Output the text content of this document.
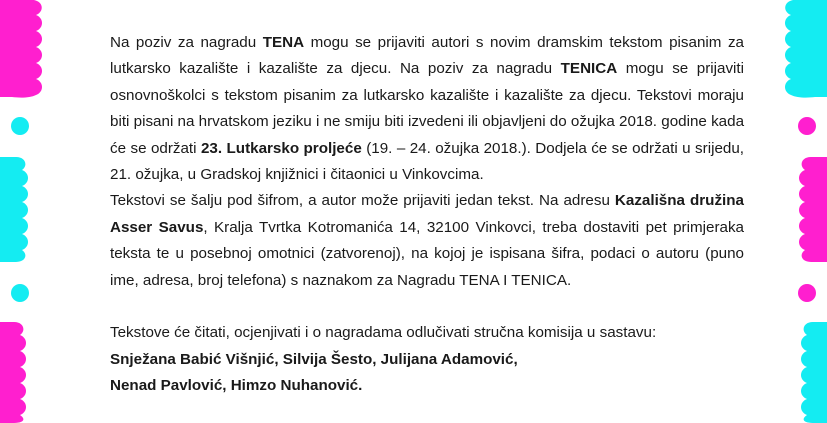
Na poziv za nagradu TENA mogu se prijaviti autori s novim dramskim tekstom pisanim za lutkarsko kazalište i kazalište za djecu. Na poziv za nagradu TENICA mogu se prijaviti osnovnoškolci s tekstom pisanim za lutkarsko kazalište i kazalište za djecu. Tekstovi moraju biti pisani na hrvatskom jeziku i ne smiju biti izvedeni ili objavljeni do ožujka 2018. godine kada će se održati 23. Lutkarsko proljeće (19. – 24. ožujka 2018.). Dodjela će se održati u srijedu, 21. ožujka, u Gradskoj knjižnici i čitaonici u Vinkovcima.

Tekstovi se šalju pod šifrom, a autor može prijaviti jedan tekst. Na adresu Kazališna družina Asser Savus, Kralja Tvrtka Kotromanića 14, 32100 Vinkovci, treba dostaviti pet primjeraka teksta te u posebnoj omotnici (zatvorenoj), na kojoj je ispisana šifra, podaci o autoru (puno ime, adresa, broj telefona) s naznakom za Nagradu TENA I TENICA.

Tekstove će čitati, ocjenjivati i o nagradama odlučivati stručna komisija u sastavu:
Snježana Babić Višnjić, Silvija Šesto, Julijana Adamović,
Nenad Pavlović, Himzo Nuhanović.
